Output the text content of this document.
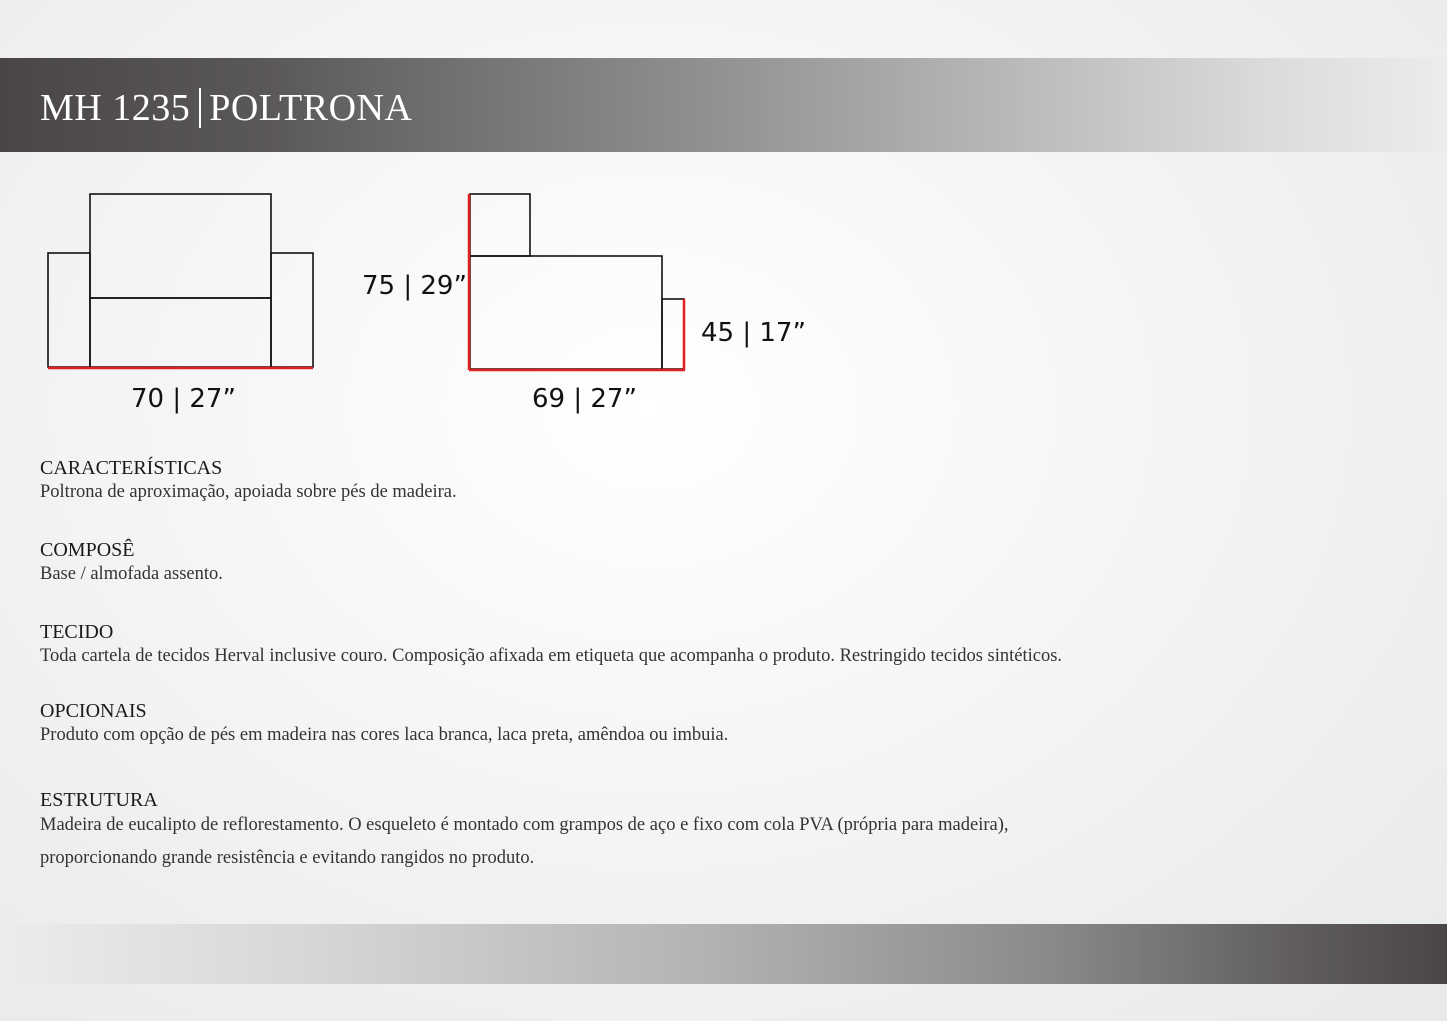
MH 1235 POLTRONA
70 | 27”
75 | 29”
45 | 17”
69 | 27”
CARACTERÍSTICAS
Poltrona de aproximação, apoiada sobre pés de madeira.
COMPOSÊ
Base / almofada assento.
TECIDO
Toda cartela de tecidos Herval inclusive couro. Composição afixada em etiqueta que acompanha o produto. Restringido tecidos sintéticos.
OPCIONAIS
Produto com opção de pés em madeira nas cores laca branca, laca preta, amêndoa ou imbuia.
ESTRUTURA
Madeira de eucalipto de reflorestamento. O esqueleto é montado com grampos de aço e fixo com cola PVA (própria para madeira),
proporcionando grande resistência e evitando rangidos no produto.
